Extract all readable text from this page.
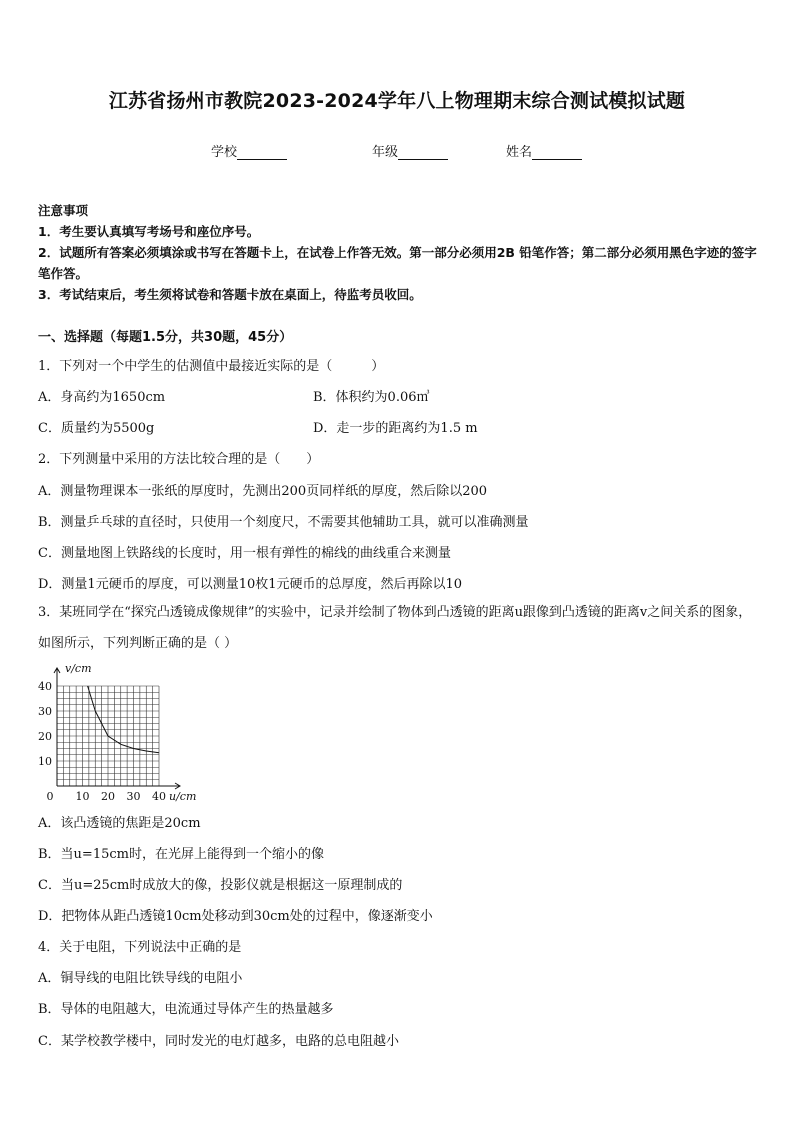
江苏省扬州市教院2023-2024学年八上物理期末综合测试模拟试题
学校	年级	姓名
注意事项
1．考生要认真填写考场号和座位序号。
2．试题所有答案必须填涂或书写在答题卡上，在试卷上作答无效。第一部分必须用2B 铅笔作答；第二部分必须用黑色字迹的签字笔作答。
3．考试结束后，考生须将试卷和答题卡放在桌面上，待监考员收回。
一、选择题（每题1.5分，共30题，45分）
1．下列对一个中学生的估测值中最接近实际的是（　　　）
A．身高约为1650cm	B．体积约为0.06㎥
C．质量约为5500g	D．走一步的距离约为1.5 m
2．下列测量中采用的方法比较合理的是（　　）
A．测量物理课本一张纸的厚度时，先测出200页同样纸的厚度，然后除以200
B．测量乒乓球的直径时，只使用一个刻度尺，不需要其他辅助工具，就可以准确测量
C．测量地图上铁路线的长度时，用一根有弹性的棉线的曲线重合来测量
D．测量1元硬币的厚度，可以测量10枚1元硬币的总厚度，然后再除以10
3．某班同学在“探究凸透镜成像规律”的实验中，记录并绘制了物体到凸透镜的距离u跟像到凸透镜的距离v之间关系的图象，如图所示，下列判断正确的是（ ）
10
20
30
40
0 10 20 30 40
v/cm
u/cm
A．该凸透镜的焦距是20cm
B．当u=15cm时，在光屏上能得到一个缩小的像
C．当u=25cm时成放大的像，投影仪就是根据这一原理制成的
D．把物体从距凸透镜10cm处移动到30cm处的过程中，像逐渐变小
4．关于电阻，下列说法中正确的是
A．铜导线的电阻比铁导线的电阻小
B．导体的电阻越大，电流通过导体产生的热量越多
C．某学校教学楼中，同时发光的电灯越多，电路的总电阻越小
